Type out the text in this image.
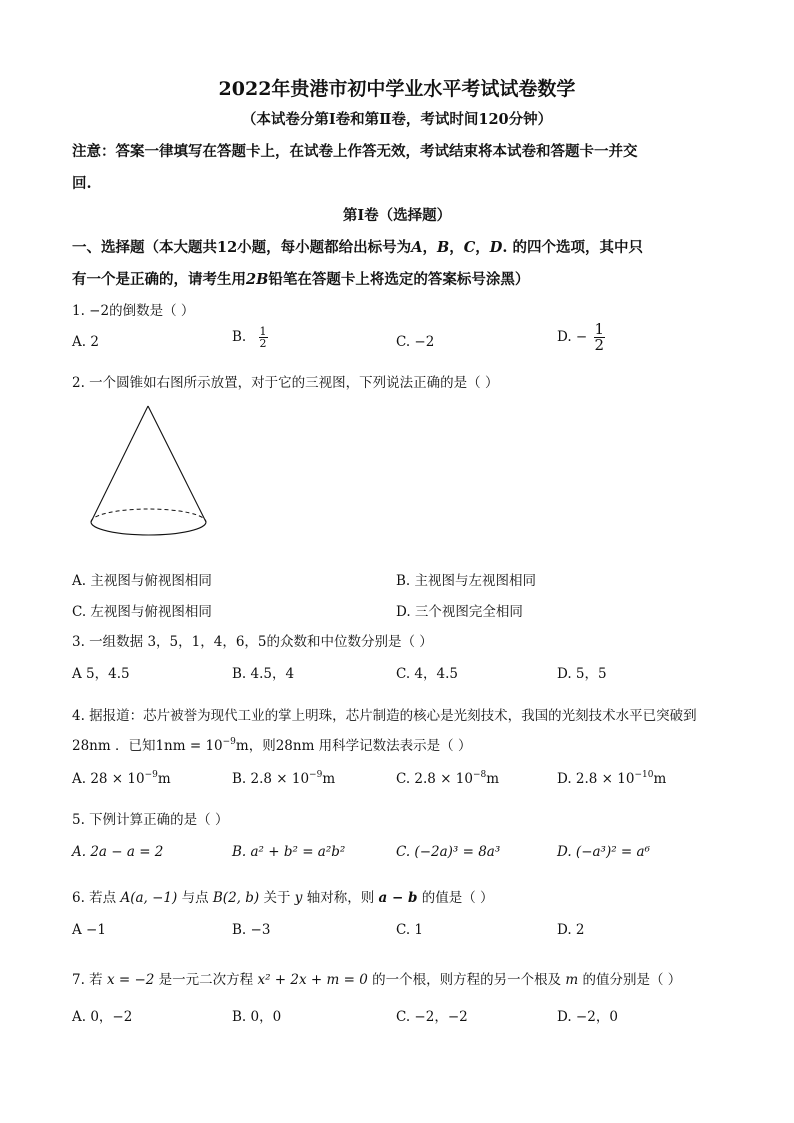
2022年贵港市初中学业水平考试试卷数学
（本试卷分第Ⅰ卷和第Ⅱ卷，考试时间120分钟）
注意：答案一律填写在答题卡上，在试卷上作答无效，考试结束将本试卷和答题卡一并交
回.
第Ⅰ卷（选择题）
一、选择题（本大题共12小题，每小题都给出标号为A，B，C，D. 的四个选项，其中只
有一个是正确的，请考生用2B铅笔在答题卡上将选定的答案标号涂黑）
1. −2的倒数是（ ）
A. 2	B. $\frac{1}{2}$	C. −2	D. − $\frac{1}{2}$
2. 一个圆锥如右图所示放置，对于它的三视图，下列说法正确的是（ ）
A. 主视图与俯视图相同	B. 主视图与左视图相同
C. 左视图与俯视图相同	D. 三个视图完全相同
3. 一组数据 3，5，1，4，6，5的众数和中位数分别是（ ）
A 5，4.5	B. 4.5，4	C. 4，4.5	D. 5，5
4. 据报道：芯片被誉为现代工业的掌上明珠，芯片制造的核心是光刻技术，我国的光刻技术水平已突破到
28nm ．已知$1nm = 10^{-9}m$，则28nm 用科学记数法表示是（ ）
A. $28 \times 10^{-9}m$	B. $2.8 \times 10^{-9}m$	C. $2.8 \times 10^{-8}m$	D. $2.8 \times 10^{-10}m$
5. 下例计算正确的是（ ）
A. 2a − a = 2	B. a² + b² = a²b²	C. (−2a)³ = 8a³	D. (−a³)² = a⁶
6. 若点 A(a, −1) 与点 B(2, b) 关于 y 轴对称，则 a − b 的值是（ ）
A −1	B. −3	C. 1	D. 2
7. 若 x = −2 是一元二次方程 x² + 2x + m = 0 的一个根，则方程的另一个根及 m 的值分别是（ ）
A. 0，−2	B. 0，0	C. −2，−2	D. −2，0
